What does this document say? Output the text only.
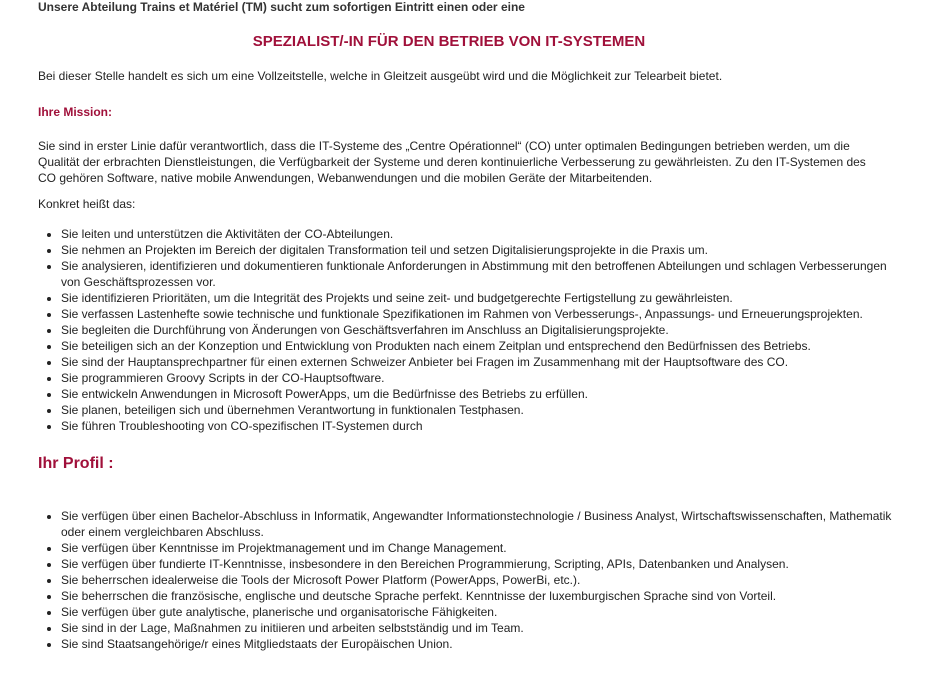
Unsere Abteilung Trains et Matériel (TM) sucht zum sofortigen Eintritt einen oder eine
SPEZIALIST/-IN FÜR DEN BETRIEB VON IT-SYSTEMEN

Bei dieser Stelle handelt es sich um eine Vollzeitstelle, welche in Gleitzeit ausgeübt wird und die Möglichkeit zur Telearbeit bietet.

Ihre Mission:

Sie sind in erster Linie dafür verantwortlich, dass die IT-Systeme des „Centre Opérationnel“ (CO) unter optimalen Bedingungen betrieben werden, um die Qualität der erbrachten Dienstleistungen, die Verfügbarkeit der Systeme und deren kontinuierliche Verbesserung zu gewährleisten. Zu den IT-Systemen des CO gehören Software, native mobile Anwendungen, Webanwendungen und die mobilen Geräte der Mitarbeitenden.

Konkret heißt das:

• Sie leiten und unterstützen die Aktivitäten der CO-Abteilungen.
• Sie nehmen an Projekten im Bereich der digitalen Transformation teil und setzen Digitalisierungsprojekte in die Praxis um.
• Sie analysieren, identifizieren und dokumentieren funktionale Anforderungen in Abstimmung mit den betroffenen Abteilungen und schlagen Verbesserungen von Geschäftsprozessen vor.
• Sie identifizieren Prioritäten, um die Integrität des Projekts und seine zeit- und budgetgerechte Fertigstellung zu gewährleisten.
• Sie verfassen Lastenhefte sowie technische und funktionale Spezifikationen im Rahmen von Verbesserungs-, Anpassungs- und Erneuerungsprojekten.
• Sie begleiten die Durchführung von Änderungen von Geschäftsverfahren im Anschluss an Digitalisierungsprojekte.
• Sie beteiligen sich an der Konzeption und Entwicklung von Produkten nach einem Zeitplan und entsprechend den Bedürfnissen des Betriebs.
• Sie sind der Hauptansprechpartner für einen externen Schweizer Anbieter bei Fragen im Zusammenhang mit der Hauptsoftware des CO.
• Sie programmieren Groovy Scripts in der CO-Hauptsoftware.
• Sie entwickeln Anwendungen in Microsoft PowerApps, um die Bedürfnisse des Betriebs zu erfüllen.
• Sie planen, beteiligen sich und übernehmen Verantwortung in funktionalen Testphasen.
• Sie führen Troubleshooting von CO-spezifischen IT-Systemen durch
Ihr Profil :
• Sie verfügen über einen Bachelor-Abschluss in Informatik, Angewandter Informationstechnologie / Business Analyst, Wirtschaftswissenschaften, Mathematik oder einem vergleichbaren Abschluss.
• Sie verfügen über Kenntnisse im Projektmanagement und im Change Management.
• Sie verfügen über fundierte IT-Kenntnisse, insbesondere in den Bereichen Programmierung, Scripting, APIs, Datenbanken und Analysen.
• Sie beherrschen idealerweise die Tools der Microsoft Power Platform (PowerApps, PowerBi, etc.).
• Sie beherrschen die französische, englische und deutsche Sprache perfekt. Kenntnisse der luxemburgischen Sprache sind von Vorteil.
• Sie verfügen über gute analytische, planerische und organisatorische Fähigkeiten.
• Sie sind in der Lage, Maßnahmen zu initiieren und arbeiten selbstständig und im Team.
• Sie sind Staatsangehörige/r eines Mitgliedstaats der Europäischen Union.
